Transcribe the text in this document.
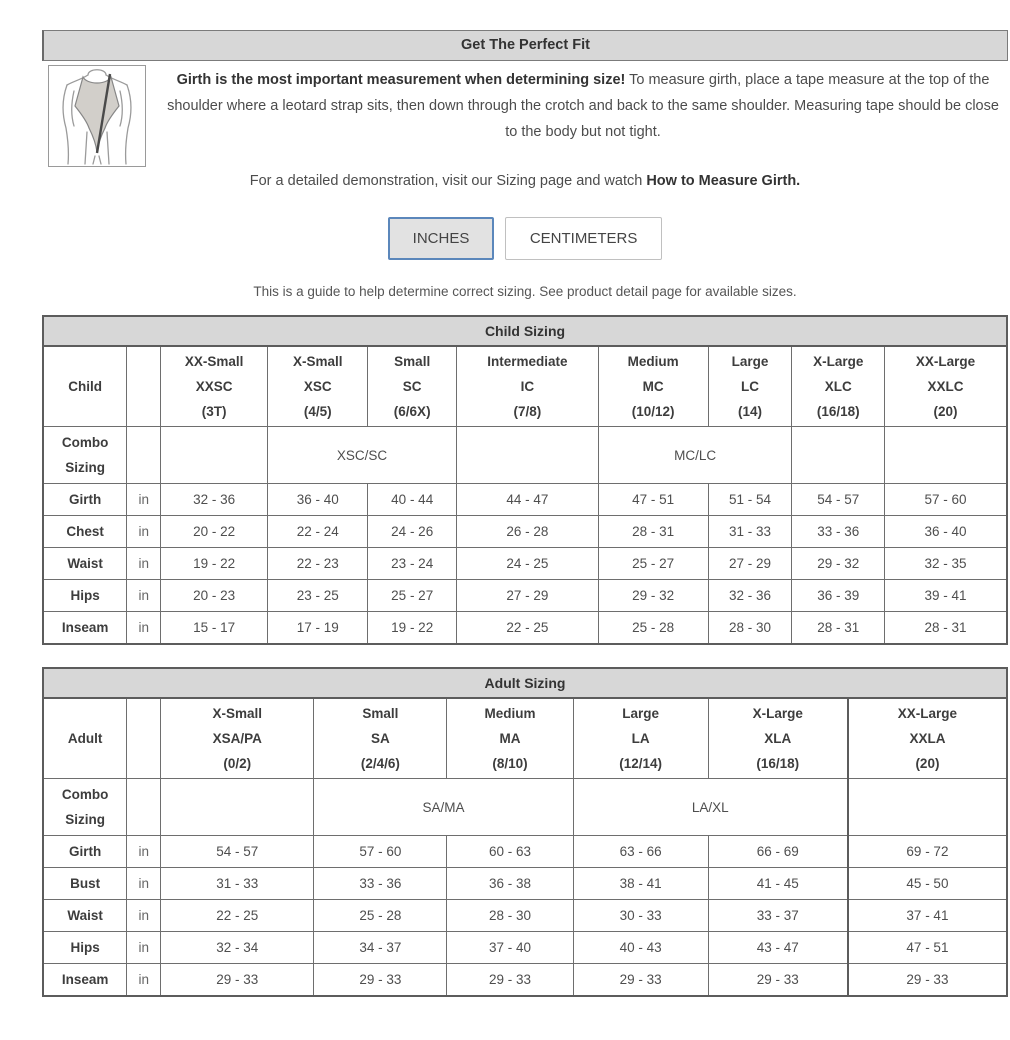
Get The Perfect Fit

Girth is the most important measurement when determining size! To measure girth, place a tape measure at the top of the shoulder where a leotard strap sits, then down through the crotch and back to the same shoulder. Measuring tape should be close to the body but not tight.

For a detailed demonstration, visit our Sizing page and watch How to Measure Girth.
INCHES	CENTIMETERS
This is a guide to help determine correct sizing. See product detail page for available sizes.
Child Sizing									
Child		XX-Small
XXSC
(3T)	X-Small
XSC
(4/5)	Small
SC
(6/6X)	Intermediate
IC
(7/8)	Medium
MC
(10/12)	Large
LC
(14)	X-Large
XLC
(16/18)	XX-Large
XXLC
(20)
Combo
Sizing			XSC/SC			MC/LC			
Girth	in	32 - 36	36 - 40	40 - 44	44 - 47	47 - 51	51 - 54	54 - 57	57 - 60
Chest	in	20 - 22	22 - 24	24 - 26	26 - 28	28 - 31	31 - 33	33 - 36	36 - 40
Waist	in	19 - 22	22 - 23	23 - 24	24 - 25	25 - 27	27 - 29	29 - 32	32 - 35
Hips	in	20 - 23	23 - 25	25 - 27	27 - 29	29 - 32	32 - 36	36 - 39	39 - 41
Inseam	in	15 - 17	17 - 19	19 - 22	22 - 25	25 - 28	28 - 30	28 - 31	28 - 31
Adult Sizing							
Adult		X-Small
XSA/PA
(0/2)	Small
SA
(2/4/6)	Medium
MA
(8/10)	Large
LA
(12/14)	X-Large
XLA
(16/18)	XX-Large
XXLA
(20)
Combo
Sizing			SA/MA		LA/XL		
Girth	in	54 - 57	57 - 60	60 - 63	63 - 66	66 - 69	69 - 72
Bust	in	31 - 33	33 - 36	36 - 38	38 - 41	41 - 45	45 - 50
Waist	in	22 - 25	25 - 28	28 - 30	30 - 33	33 - 37	37 - 41
Hips	in	32 - 34	34 - 37	37 - 40	40 - 43	43 - 47	47 - 51
Inseam	in	29 - 33	29 - 33	29 - 33	29 - 33	29 - 33	29 - 33
